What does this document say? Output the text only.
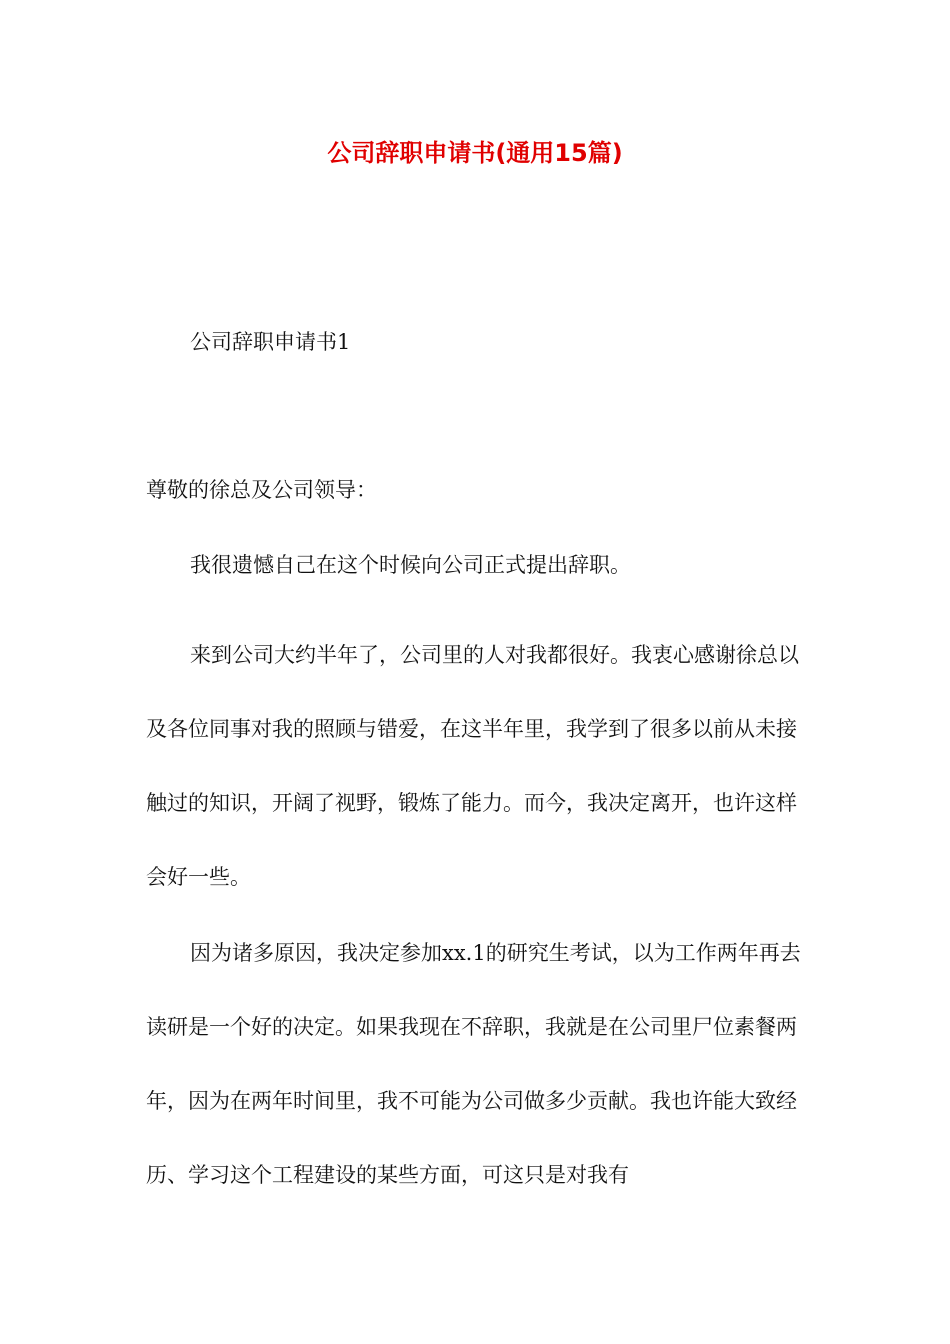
公司辞职申请书(通用15篇)

公司辞职申请书1

尊敬的徐总及公司领导：

我很遗憾自己在这个时候向公司正式提出辞职。

来到公司大约半年了，公司里的人对我都很好。我衷心感谢徐总以及各位同事对我的照顾与错爱，在这半年里，我学到了很多以前从未接触过的知识，开阔了视野，锻炼了能力。而今，我决定离开，也许这样会好一些。

因为诸多原因，我决定参加xx.1的研究生考试，以为工作两年再去读研是一个好的决定。如果我现在不辞职，我就是在公司里尸位素餐两年，因为在两年时间里，我不可能为公司做多少贡献。我也许能大致经历、学习这个工程建设的某些方面，可这只是对我有
